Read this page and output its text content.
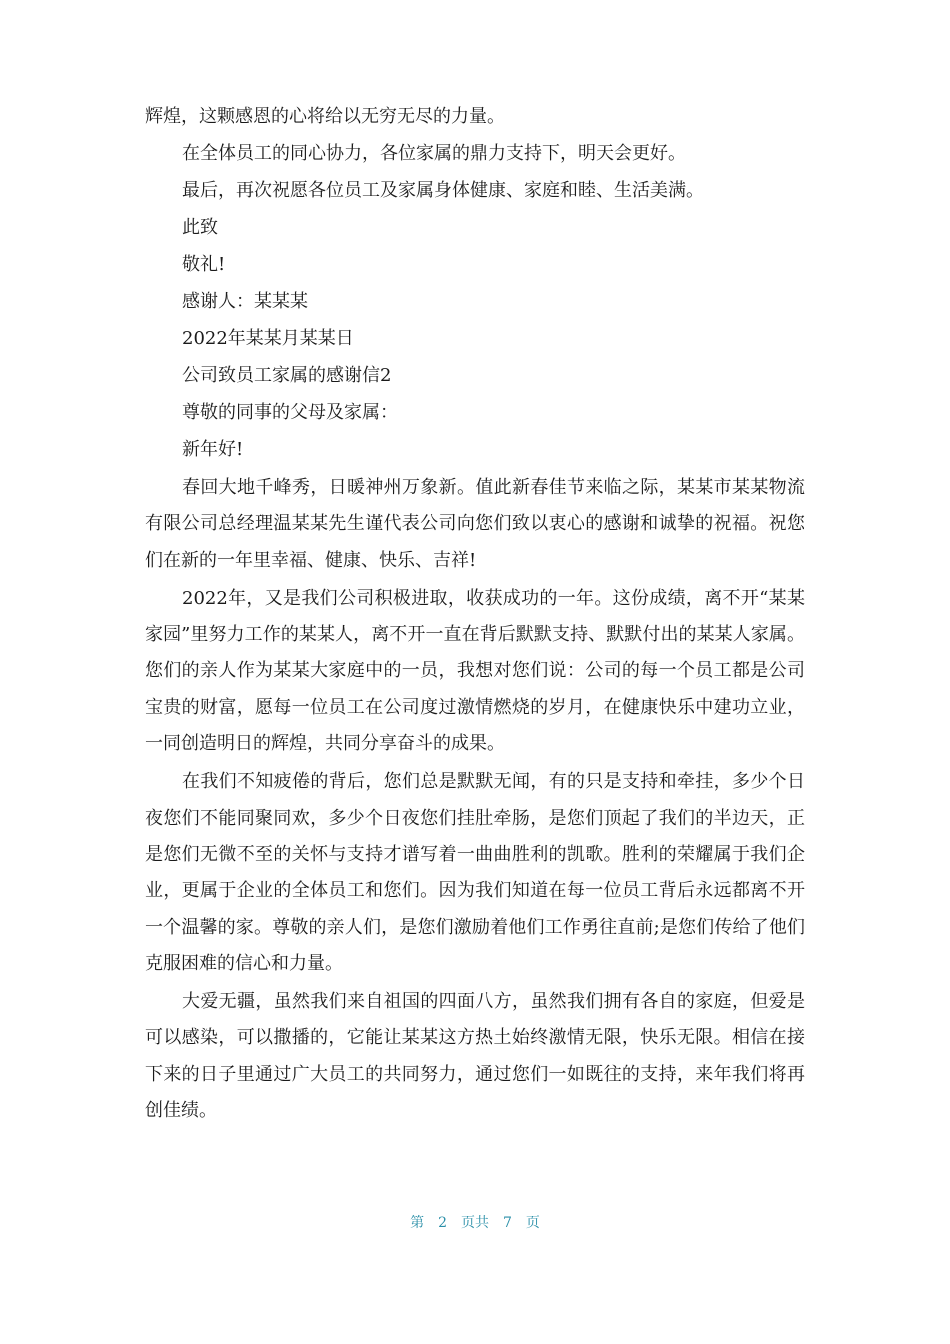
辉煌，这颗感恩的心将给以无穷无尽的力量。
在全体员工的同心协力，各位家属的鼎力支持下，明天会更好。
最后，再次祝愿各位员工及家属身体健康、家庭和睦、生活美满。
此致
敬礼!
感谢人：某某某
2022年某某月某某日
公司致员工家属的感谢信2
尊敬的同事的父母及家属：
新年好!
春回大地千峰秀，日暖神州万象新。值此新春佳节来临之际，某某市某某物流有限公司总经理温某某先生谨代表公司向您们致以衷心的感谢和诚挚的祝福。祝您们在新的一年里幸福、健康、快乐、吉祥!
2022年，又是我们公司积极进取，收获成功的一年。这份成绩，离不开“某某家园”里努力工作的某某人，离不开一直在背后默默支持、默默付出的某某人家属。您们的亲人作为某某大家庭中的一员，我想对您们说：公司的每一个员工都是公司宝贵的财富，愿每一位员工在公司度过激情燃烧的岁月，在健康快乐中建功立业，一同创造明日的辉煌，共同分享奋斗的成果。
在我们不知疲倦的背后，您们总是默默无闻，有的只是支持和牵挂，多少个日夜您们不能同聚同欢，多少个日夜您们挂肚牵肠，是您们顶起了我们的半边天，正是您们无微不至的关怀与支持才谱写着一曲曲胜利的凯歌。胜利的荣耀属于我们企业，更属于企业的全体员工和您们。因为我们知道在每一位员工背后永远都离不开一个温馨的家。尊敬的亲人们，是您们激励着他们工作勇往直前;是您们传给了他们克服困难的信心和力量。
大爱无疆，虽然我们来自祖国的四面八方，虽然我们拥有各自的家庭，但爱是可以感染，可以撒播的，它能让某某这方热土始终激情无限，快乐无限。相信在接下来的日子里通过广大员工的共同努力，通过您们一如既往的支持，来年我们将再创佳绩。
第 2 页共 7 页
